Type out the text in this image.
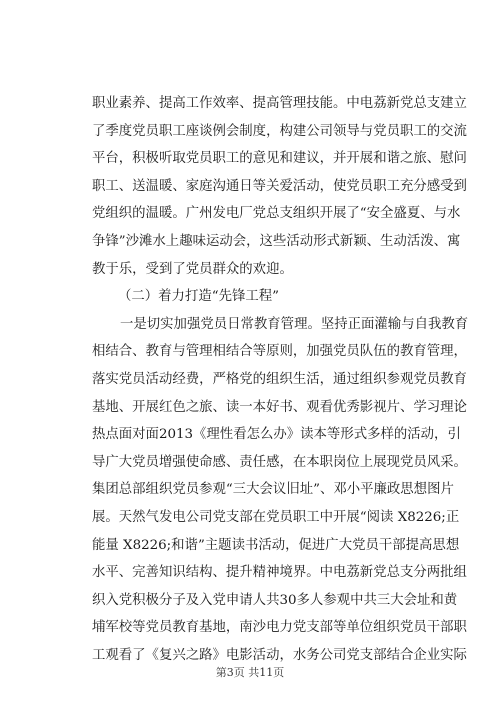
职业素养、提高工作效率、提高管理技能。中电荔新党总支建立
了季度党员职工座谈例会制度，构建公司领导与党员职工的交流
平台，积极听取党员职工的意见和建议，并开展和谐之旅、慰问
职工、送温暖、家庭沟通日等关爱活动，使党员职工充分感受到
党组织的温暖。广州发电厂党总支组织开展了“安全盛夏、与水
争锋”沙滩水上趣味运动会，这些活动形式新颖、生动活泼、寓
教于乐，受到了党员群众的欢迎。
（二）着力打造“先锋工程”
一是切实加强党员日常教育管理。坚持正面灌输与自我教育
相结合、教育与管理相结合等原则，加强党员队伍的教育管理，
落实党员活动经费，严格党的组织生活，通过组织参观党员教育
基地、开展红色之旅、读一本好书、观看优秀影视片、学习理论
热点面对面2013《理性看怎么办》读本等形式多样的活动，引
导广大党员增强使命感、责任感，在本职岗位上展现党员风采。
集团总部组织党员参观“三大会议旧址”、邓小平廉政思想图片
展。天然气发电公司党支部在党员职工中开展“阅读 X8226;正
能量 X8226;和谐”主题读书活动，促进广大党员干部提高思想
水平、完善知识结构、提升精神境界。中电荔新党总支分两批组
织入党积极分子及入党申请人共30多人参观中共三大会址和黄
埔军校等党员教育基地，南沙电力党支部等单位组织党员干部职
工观看了《复兴之路》电影活动，水务公司党支部结合企业实际
第3页 共11页
